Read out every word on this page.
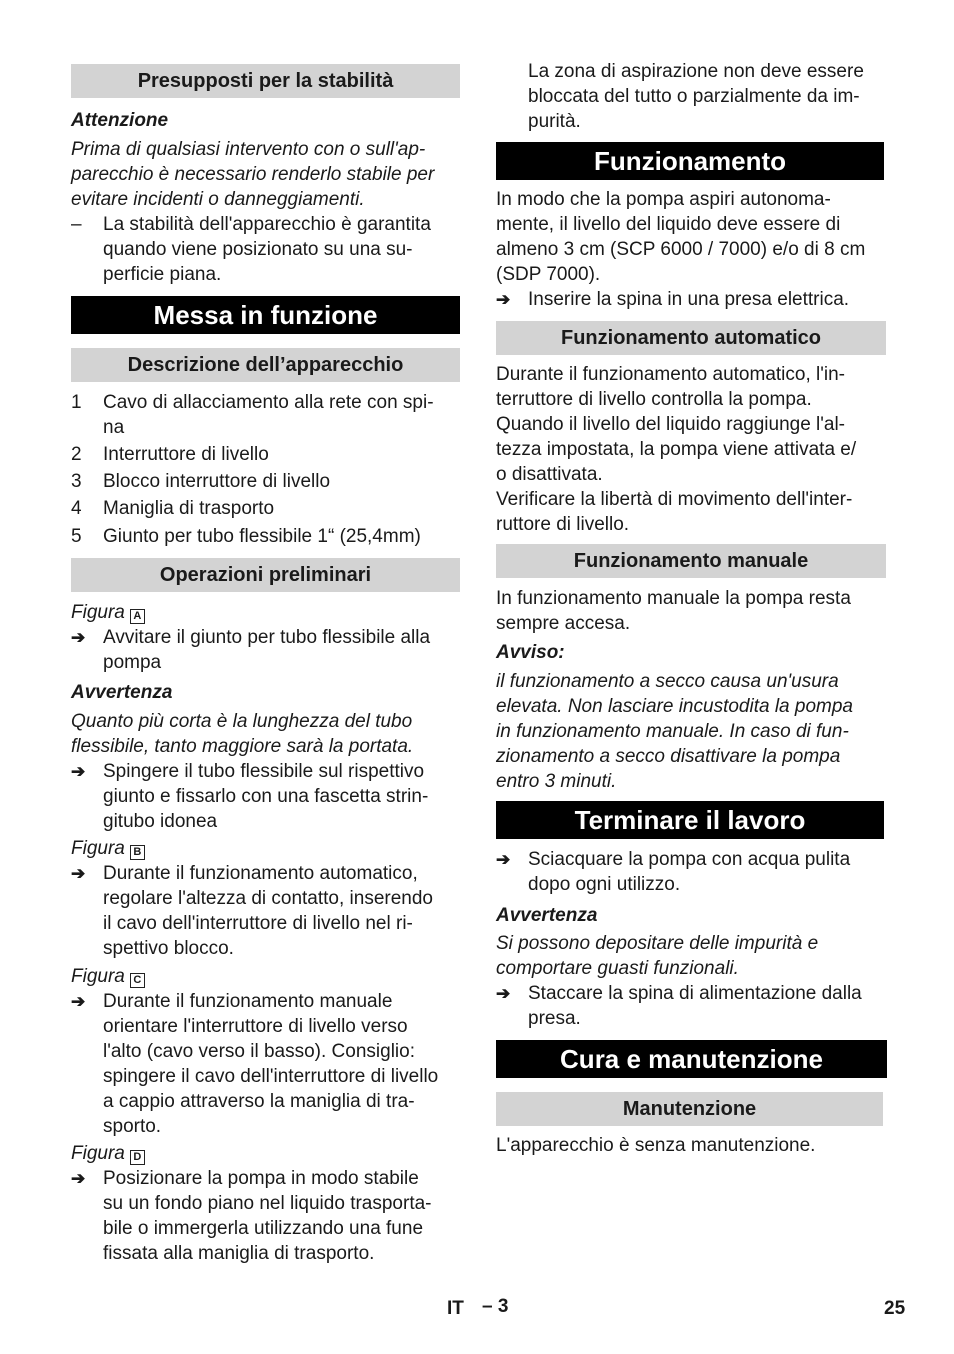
Presupposti per la stabilità
Attenzione
Prima di qualsiasi intervento con o sull'ap-
parecchio è necessario renderlo stabile per
evitare incidenti o danneggiamenti.
–	La stabilità dell'apparecchio è garantita
quando viene posizionato su una su-
perficie piana.
Messa in funzione
Descrizione dell’apparecchio
1	Cavo di allacciamento alla rete con spi-
na
2	Interruttore di livello
3	Blocco interruttore di livello
4	Maniglia di trasporto
5	Giunto per tubo flessibile 1“ (25,4mm)
Operazioni preliminari
Figura A
➔ Avvitare il giunto per tubo flessibile alla
pompa
Avvertenza
Quanto più corta è la lunghezza del tubo
flessibile, tanto maggiore sarà la portata.
➔ Spingere il tubo flessibile sul rispettivo
giunto e fissarlo con una fascetta strin-
gitubo idonea
Figura B
➔ Durante il funzionamento automatico,
regolare l'altezza di contatto, inserendo
il cavo dell'interruttore di livello nel ri-
spettivo blocco.
Figura C
➔ Durante il funzionamento manuale
orientare l'interruttore di livello verso
l'alto (cavo verso il basso). Consiglio:
spingere il cavo dell'interruttore di livello
a cappio attraverso la maniglia di tra-
sporto.
Figura D
➔ Posizionare la pompa in modo stabile
su un fondo piano nel liquido trasporta-
bile o immergerla utilizzando una fune
fissata alla maniglia di trasporto.
La zona di aspirazione non deve essere
bloccata del tutto o parzialmente da im-
purità.
Funzionamento
In modo che la pompa aspiri autonoma-
mente, il livello del liquido deve essere di
almeno 3 cm (SCP 6000 / 7000) e/o di 8 cm
(SDP 7000).
➔ Inserire la spina in una presa elettrica.
Funzionamento automatico
Durante il funzionamento automatico, l'in-
terruttore di livello controlla la pompa.
Quando il livello del liquido raggiunge l'al-
tezza impostata, la pompa viene attivata e/
o disattivata.
Verificare la libertà di movimento dell'inter-
ruttore di livello.
Funzionamento manuale
In funzionamento manuale la pompa resta
sempre accesa.
Avviso:
il funzionamento a secco causa un'usura
elevata. Non lasciare incustodita la pompa
in funzionamento manuale. In caso di fun-
zionamento a secco disattivare la pompa
entro 3 minuti.
Terminare il lavoro
➔ Sciacquare la pompa con acqua pulita
dopo ogni utilizzo.
Avvertenza
Si possono depositare delle impurità e
comportare guasti funzionali.
➔ Staccare la spina di alimentazione dalla
presa.
Cura e manutenzione
Manutenzione
L'apparecchio è senza manutenzione.
IT – 3	25
